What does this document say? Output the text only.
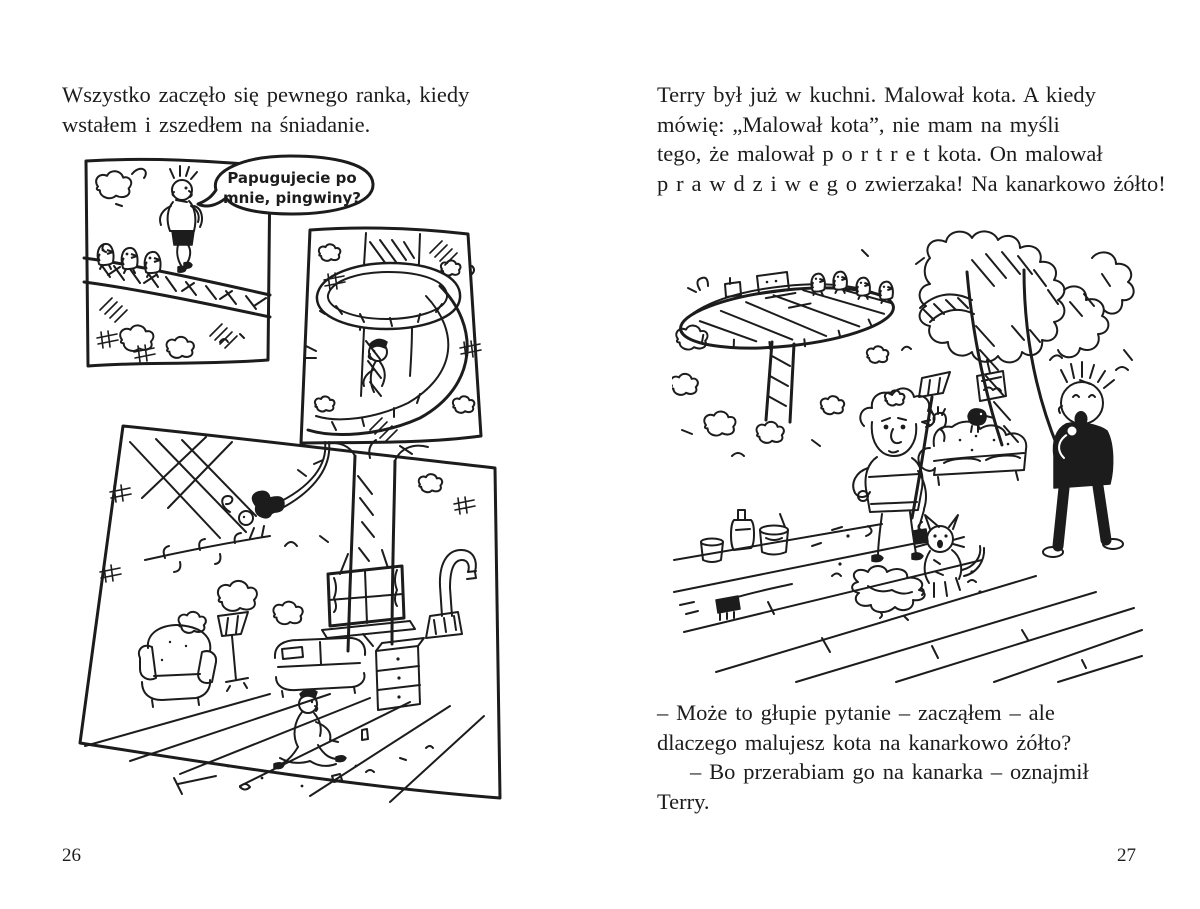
Wszystko zaczęło się pewnego ranka, kiedy
wstałem i zszedłem na śniadanie.
Papugujecie po
mnie, pingwiny?
26
Terry był już w kuchni. Malował kota. A kiedy
mówię: „Malował kota”, nie mam na myśli
tego, że malował p o r t r e t kota. On malował
p r a w d z i w e g o zwierzaka! Na kanarkowo żółto!
– Może to głupie pytanie – zacząłem – ale
dlaczego malujesz kota na kanarkowo żółto?
– Bo przerabiam go na kanarka – oznajmił
Terry.
27
